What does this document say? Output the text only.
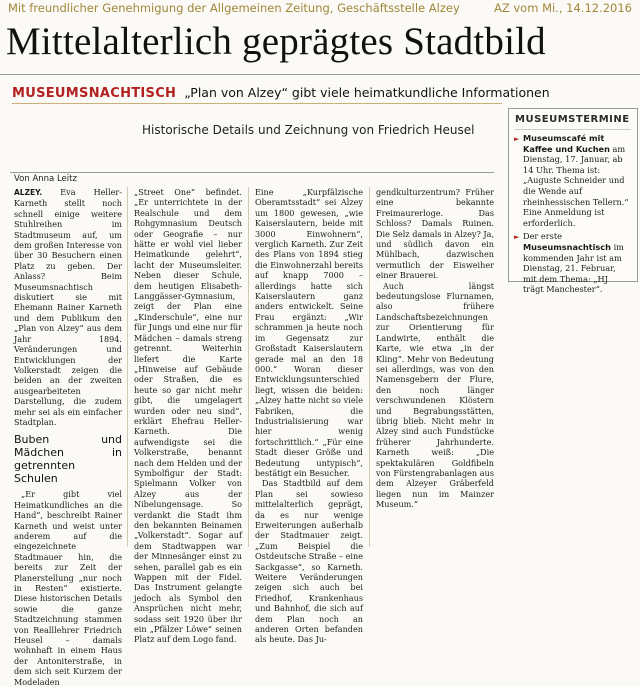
Mit freundlicher Genehmigung der Allgemeinen Zeitung, Geschäftsstelle Alzey	AZ vom Mi., 14.12.2016
Mittelalterlich geprägtes Stadtbild
MUSEUMSNACHTISCH „Plan von Alzey“ gibt viele heimatkundliche Informationen
Historische Details und Zeichnung von Friedrich Heusel
MUSEUMSTERMINE
► Museumscafé mit Kaffee und Kuchen am Dienstag, 17. Januar, ab 14 Uhr. Thema ist: „Auguste Schneider und die Wende auf rheinhessischen Tellern.“ Eine Anmeldung ist erforderlich.
► Der erste Museumsnachtisch im kommenden Jahr ist am Dienstag, 21. Februar, mit dem Thema: „HJ trägt Manchester“.
Von Anna Leitz

ALZEY. Eva Heller-Karneth stellt noch schnell einige weitere Stuhlreihen im Stadtmuseum auf, um dem großen Interesse von über 30 Besuchern einen Platz zu geben. Der Anlass? Beim Museumsnachtisch diskutiert sie mit Ehemann Rainer Karneth und dem Publikum den „Plan von Alzey“ aus dem Jahr 1894. Veränderungen und Entwicklungen der Volkerstadt zeigen die beiden an der zweiten ausgearbeiteten Darstellung, die zudem mehr sei als ein einfacher Stadtplan.

Buben und Mädchen in getrennten Schulen

„Er gibt viel Heimatkundliches an die Hand“, beschreibt Rainer Karneth und weist unter anderem auf die eingezeichnete Stadtmauer hin, die bereits zur Zeit der Planerstellung „nur noch in Resten“ existierte. Diese historischen Details sowie die ganze Stadtzeichnung stammen von Realllehrer Friedrich Heusel – damals wohnhaft in einem Haus der Antoniterstraße, in dem sich seit Kurzem der Modeladen

„Street One“ befindet. „Er unterrichtete in der Realschule und dem Rohgymnasium Deutsch oder Geografie – nur hätte er wohl viel lieber Heimatkunde gelehrt“, lacht der Museumsleiter. Neben dieser Schule, dem heutigen Elisabeth-Langgässer-Gymnasium, zeigt der Plan eine „Kinderschule“, eine nur für Jungs und eine nur für Mädchen – damals streng getrennt. Weiterhin liefert die Karte „Hinweise auf Gebäude oder Straßen, die es heute so gar nicht mehr gibt, die umgelagert wurden oder neu sind“, erklärt Ehefrau Heller-Karneth. Die aufwendigste sei die Volkerstraße, benannt nach dem Helden und der Symbolfigur der Stadt: Spielmann Volker von Alzey aus der Nibelungensage. So verdankt die Stadt ihm den bekannten Beinamen „Volkerstadt“. Sogar auf dem Stadtwappen war der Minnesänger einst zu sehen, parallel gab es ein Wappen mit der Fidel. Das Instrument gelangte jedoch als Symbol den Ansprüchen nicht mehr, sodass seit 1920 über ihr ein „Pfälzer Löwe“ seinen Platz auf dem Logo fand.

Eine „Kurpfälzische Oberamtsstadt“ sei Alzey um 1800 gewesen, „wie Kaiserslautern, beide mit 3000 Einwohnern“, verglich Karneth. Zur Zeit des Plans von 1894 stieg die Einwohnerzahl bereits auf knapp 7000 – allerdings hatte sich Kaiserslautern ganz anders entwickelt. Seine Frau ergänzt: „Wir schrammen ja heute noch im Gegensatz zur Großstadt Kaiserslautern gerade mal an den 18 000.“ Woran dieser Entwicklungsunterschied liegt, wissen die beiden: „Alzey hatte nicht so viele Fabriken, die Industrialisierung war hier wenig fortschrittlich.“ „Für eine Stadt dieser Größe und Bedeutung untypisch“, bestätigt ein Besucher.

Das Stadtbild auf dem Plan sei sowieso mittelalterlich geprägt, da es nur wenige Erweiterungen außerhalb der Stadtmauer zeigt. „Zum Beispiel die Ostdeutsche Straße – eine Sackgasse“, so Karneth. Weitere Veränderungen zeigen sich auch bei Friedhof, Krankenhaus und Bahnhof, die sich auf dem Plan noch an anderen Orten befanden als heute. Das Ju-

gendkulturzentrum? Früher eine bekannte Freimaurerloge. Das Schloss? Damals Ruinen. Die Selz damals in Alzey? Ja, und südlich davon ein Mühlbach, dazwischen vermutlich der Eisweiher einer Brauerei.

Auch längst bedeutungslose Flurnamen, also frühere Landschaftsbezeichnungen zur Orientierung für Landwirte, enthält die Karte, wie etwa „in der Kling“. Mehr von Bedeutung sei allerdings, was von den Namensgebern der Flure, den noch länger verschwundenen Klöstern und Begrabungsstätten, übrig blieb. Nicht mehr in Alzey sind auch Fundstücke früherer Jahrhunderte. Karneth weiß: „Die spektakulären Goldfibeln von Fürstengrabanlagen aus dem Alzeyer Gräberfeld liegen nun im Mainzer Museum.“
